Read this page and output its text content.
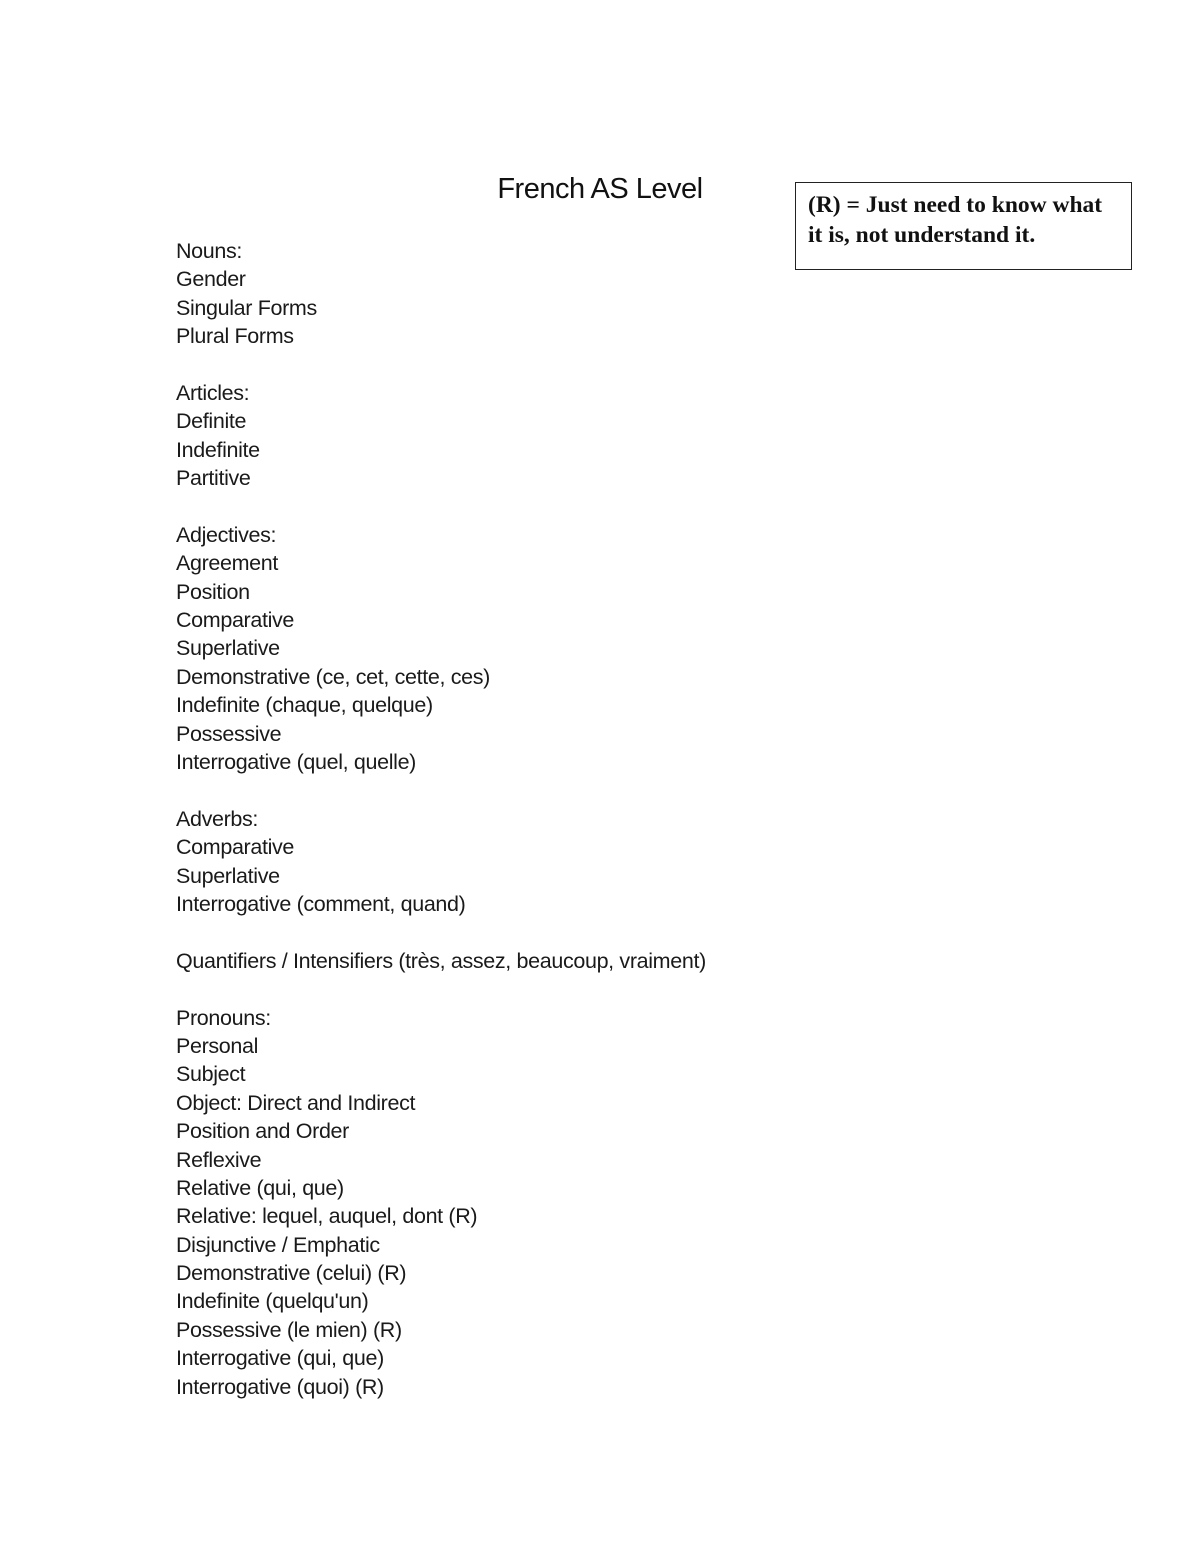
French AS Level	(R) = Just need to know what it is, not understand it.
Nouns:
Gender
Singular Forms
Plural Forms
Articles:
Definite
Indefinite
Partitive
Adjectives:
Agreement
Position
Comparative
Superlative
Demonstrative (ce, cet, cette, ces)
Indefinite (chaque, quelque)
Possessive
Interrogative (quel, quelle)
Adverbs:
Comparative
Superlative
Interrogative (comment, quand)
Quantifiers / Intensifiers (très, assez, beaucoup, vraiment)
Pronouns:
Personal
Subject
Object: Direct and Indirect
Position and Order
Reflexive
Relative (qui, que)
Relative: lequel, auquel, dont (R)
Disjunctive / Emphatic
Demonstrative (celui) (R)
Indefinite (quelqu'un)
Possessive (le mien) (R)
Interrogative (qui, que)
Interrogative (quoi) (R)
